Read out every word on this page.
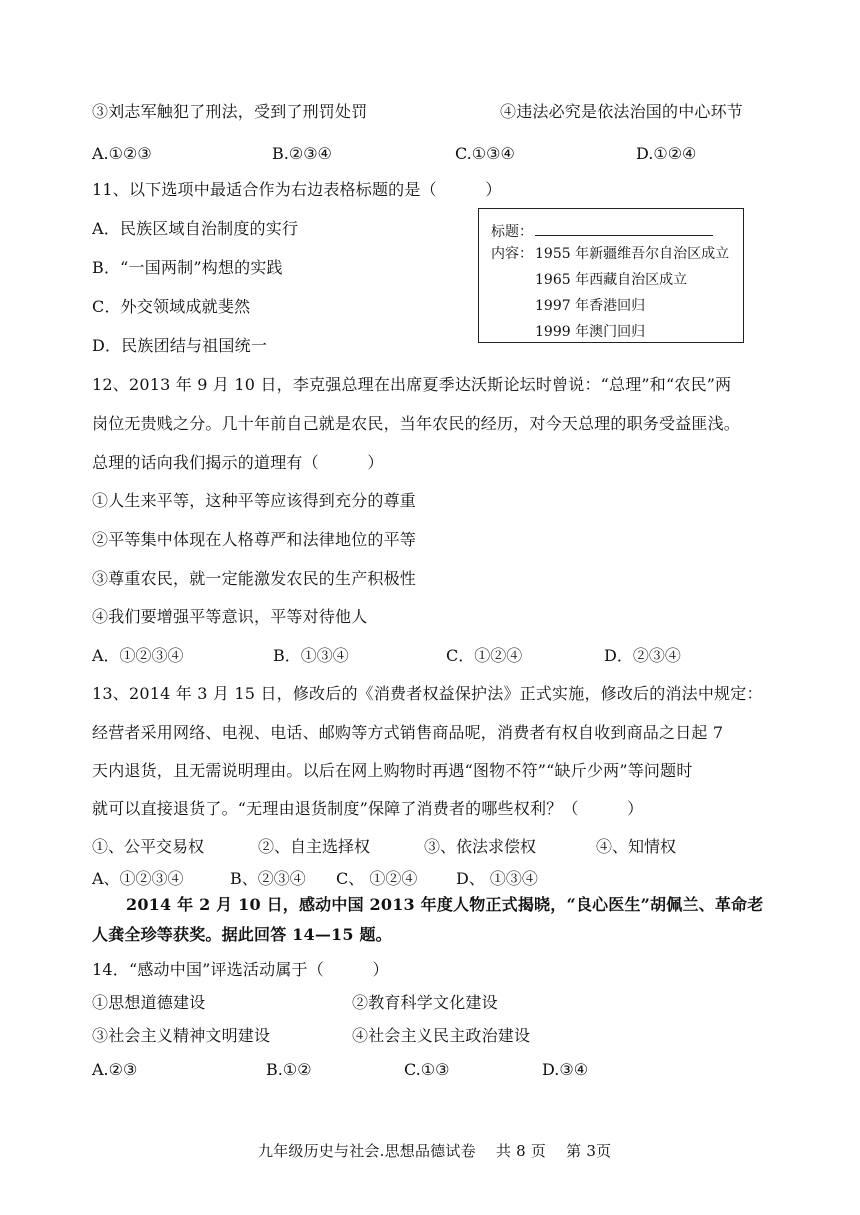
③刘志军触犯了刑法，受到了刑罚处罚	④违法必究是依法治国的中心环节
A.①②③	B.②③④	C.①③④	D.①②④
11、以下选项中最适合作为右边表格标题的是（　　　）
A．民族区域自治制度的实行
B．“一国两制”构想的实践
C．外交领域成就斐然
D．民族团结与祖国统一
标题：
内容： 1955 年新疆维吾尔自治区成立
1965 年西藏自治区成立
1997 年香港回归
1999 年澳门回归
12、2013 年 9 月 10 日，李克强总理在出席夏季达沃斯论坛时曾说：“总理”和“农民”两
岗位无贵贱之分。几十年前自己就是农民，当年农民的经历，对今天总理的职务受益匪浅。
总理的话向我们揭示的道理有（　　　）
①人生来平等，这种平等应该得到充分的尊重
②平等集中体现在人格尊严和法律地位的平等
③尊重农民，就一定能激发农民的生产积极性
④我们要增强平等意识，平等对待他人
A．①②③④	B．①③④	C．①②④	D．②③④
13、2014 年 3 月 15 日，修改后的《消费者权益保护法》正式实施，修改后的消法中规定：
经营者采用网络、电视、电话、邮购等方式销售商品呢，消费者有权自收到商品之日起 7
天内退货，且无需说明理由。以后在网上购物时再遇“图物不符”“缺斤少两”等问题时
就可以直接退货了。“无理由退货制度”保障了消费者的哪些权利？（　　　）
①、公平交易权	②、自主选择权	③、依法求偿权	④、知情权
A、①②③④	B、②③④ C、 ①②④ D、 ①③④
2014 年 2 月 10 日，感动中国 2013 年度人物正式揭晓，“良心医生”胡佩兰、革命老
人龚全珍等获奖。据此回答 14—15 题。
14．“感动中国”评选活动属于（　　　）
①思想道德建设	②教育科学文化建设
③社会主义精神文明建设	④社会主义民主政治建设
A.②③	B.①②	C.①③	D.③④
九年级历史与社会.思想品德试卷　 共 8 页　 第 3页
